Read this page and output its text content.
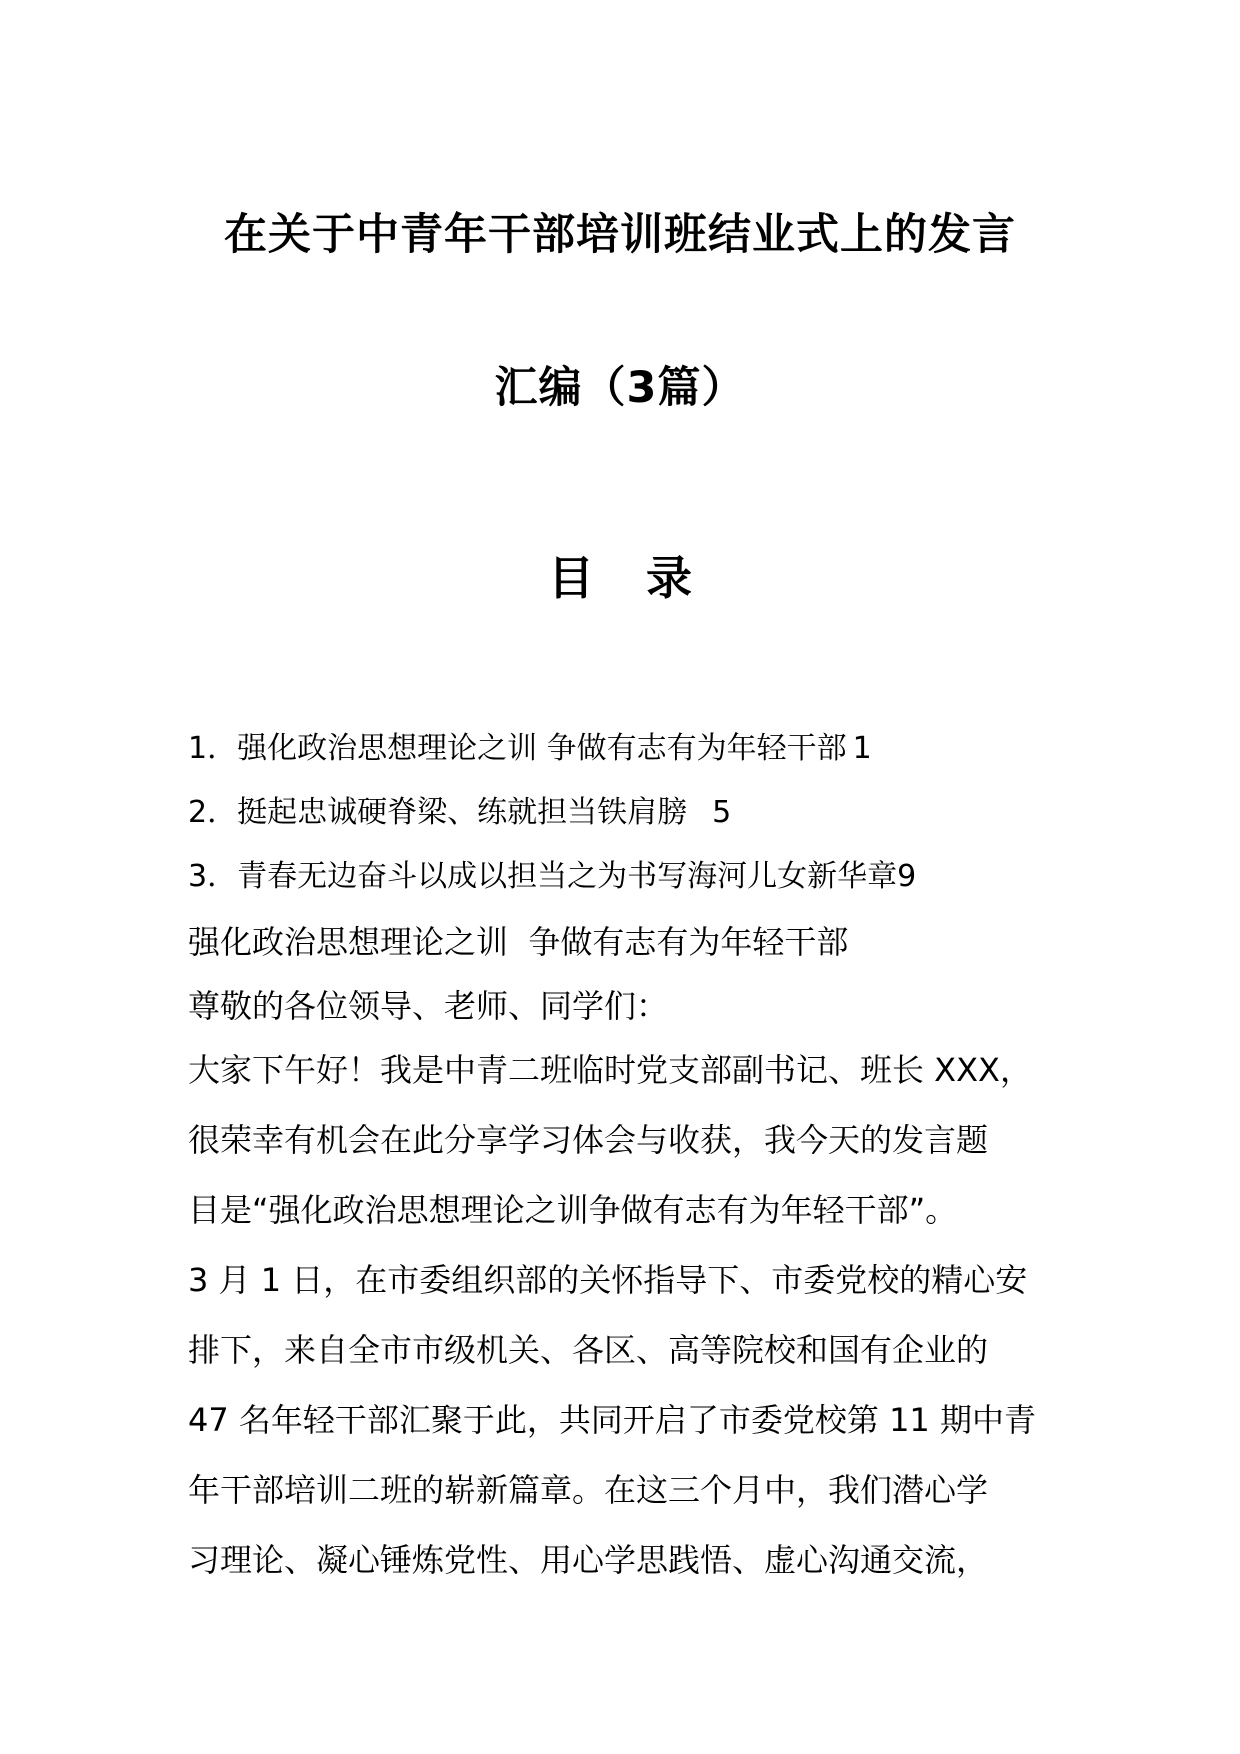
在关于中青年干部培训班结业式上的发言
汇编（3篇）
目 录
1．强化政治思想理论之训 争做有志有为年轻干部 1
2．挺起忠诚硬脊梁、练就担当铁肩膀  5
3．青春无边奋斗以成以担当之为书写海河儿女新华章9
强化政治思想理论之训  争做有志有为年轻干部
尊敬的各位领导、老师、同学们：
大家下午好！我是中青二班临时党支部副书记、班长 XXX，
很荣幸有机会在此分享学习体会与收获，我今天的发言题
目是“强化政治思想理论之训争做有志有为年轻干部”。
3 月 1 日，在市委组织部的关怀指导下、市委党校的精心安
排下，来自全市市级机关、各区、高等院校和国有企业的
47 名年轻干部汇聚于此，共同开启了市委党校第 11 期中青
年干部培训二班的崭新篇章。在这三个月中，我们潜心学
习理论、凝心锤炼党性、用心学思践悟、虚心沟通交流，
